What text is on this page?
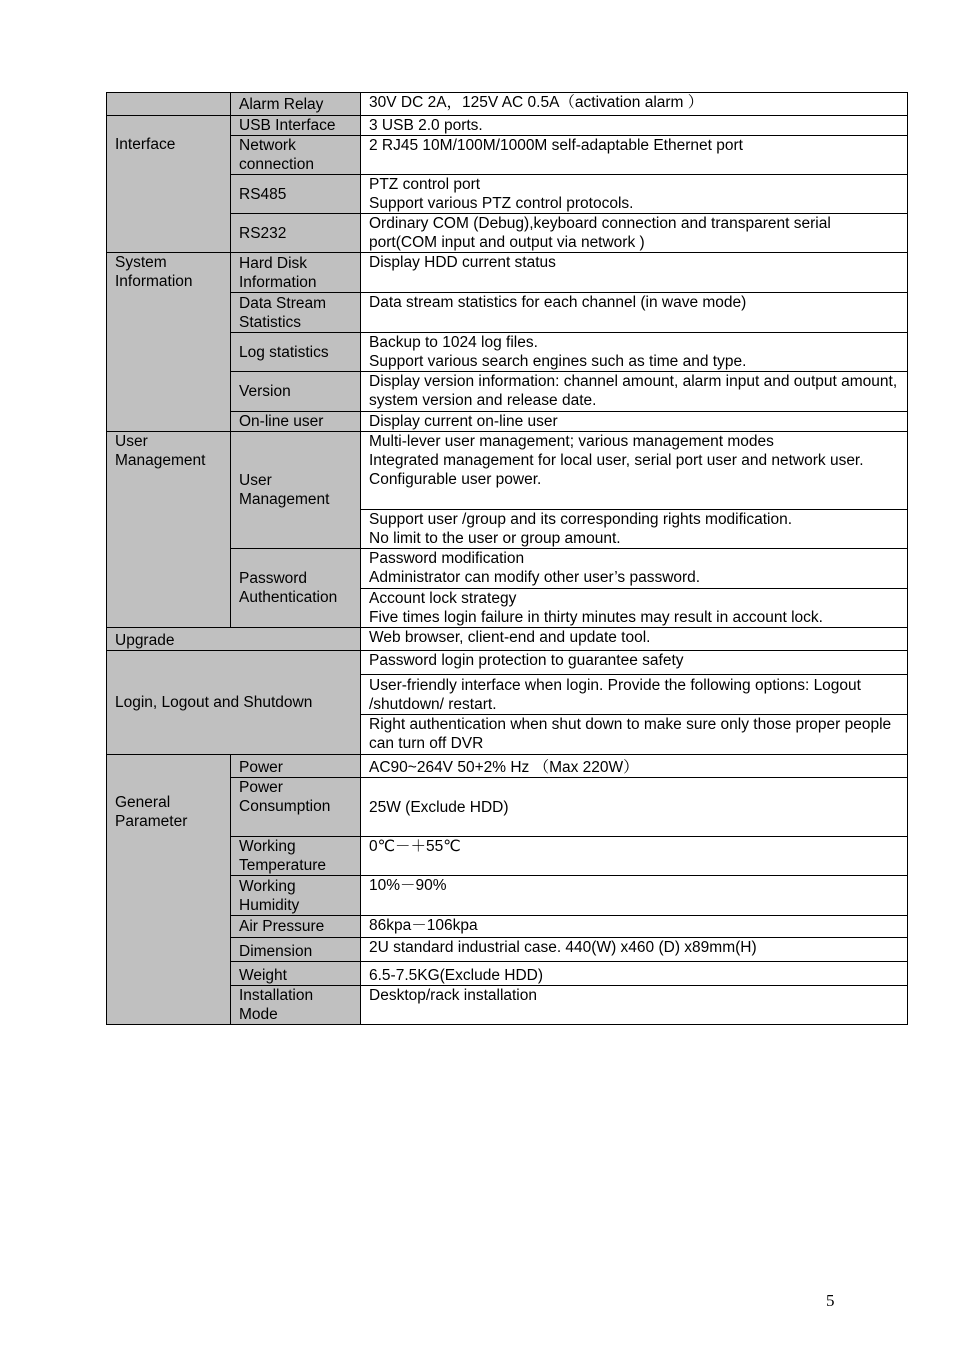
	Alarm Relay	30V DC 2A，125V AC 0.5A（activation alarm ）
Interface	USB Interface	3 USB 2.0 ports.
	Network connection	2 RJ45 10M/100M/1000M self-adaptable Ethernet port
	RS485	PTZ control port
Support various PTZ control protocols.

	RS232	Ordinary COM (Debug),keyboard connection and transparent serial port(COM input and output via network )
System Information	Hard Disk Information	Display HDD current status
	Data Stream Statistics	Data stream statistics for each channel (in wave mode)
	Log statistics	Backup to 1024 log files.
Support various search engines such as time and type.

	Version	Display version information: channel amount, alarm input and output amount, system version and release date.
	On-line user	Display current on-line user
User Management	User Management	Multi-lever user management; various management modes
Integrated management for local user, serial port user and network user.
Configurable user power.

		Support user /group and its corresponding rights modification.
No limit to the user or group amount.

	Password Authentication	Password modification
Administrator can modify other user’s password.

		Account lock strategy
Five times login failure in thirty minutes may result in account lock.

Upgrade		Web browser, client-end and update tool.
Login, Logout and Shutdown		Password login protection to guarantee safety
		User-friendly interface when login. Provide the following options: Logout /shutdown/ restart.
		Right authentication when shut down to make sure only those proper people can turn off DVR
General Parameter	Power	AC90~264V 50+2% Hz （Max 220W）
	Power Consumption	25W (Exclude HDD)
	Working Temperature	0℃－＋55℃
	Working Humidity	10%－90%
	Air Pressure	86kpa－106kpa
	Dimension	2U standard industrial case. 440(W) x460 (D) x89mm(H)
	Weight	6.5-7.5KG(Exclude HDD)
	Installation Mode	Desktop/rack installation
5
